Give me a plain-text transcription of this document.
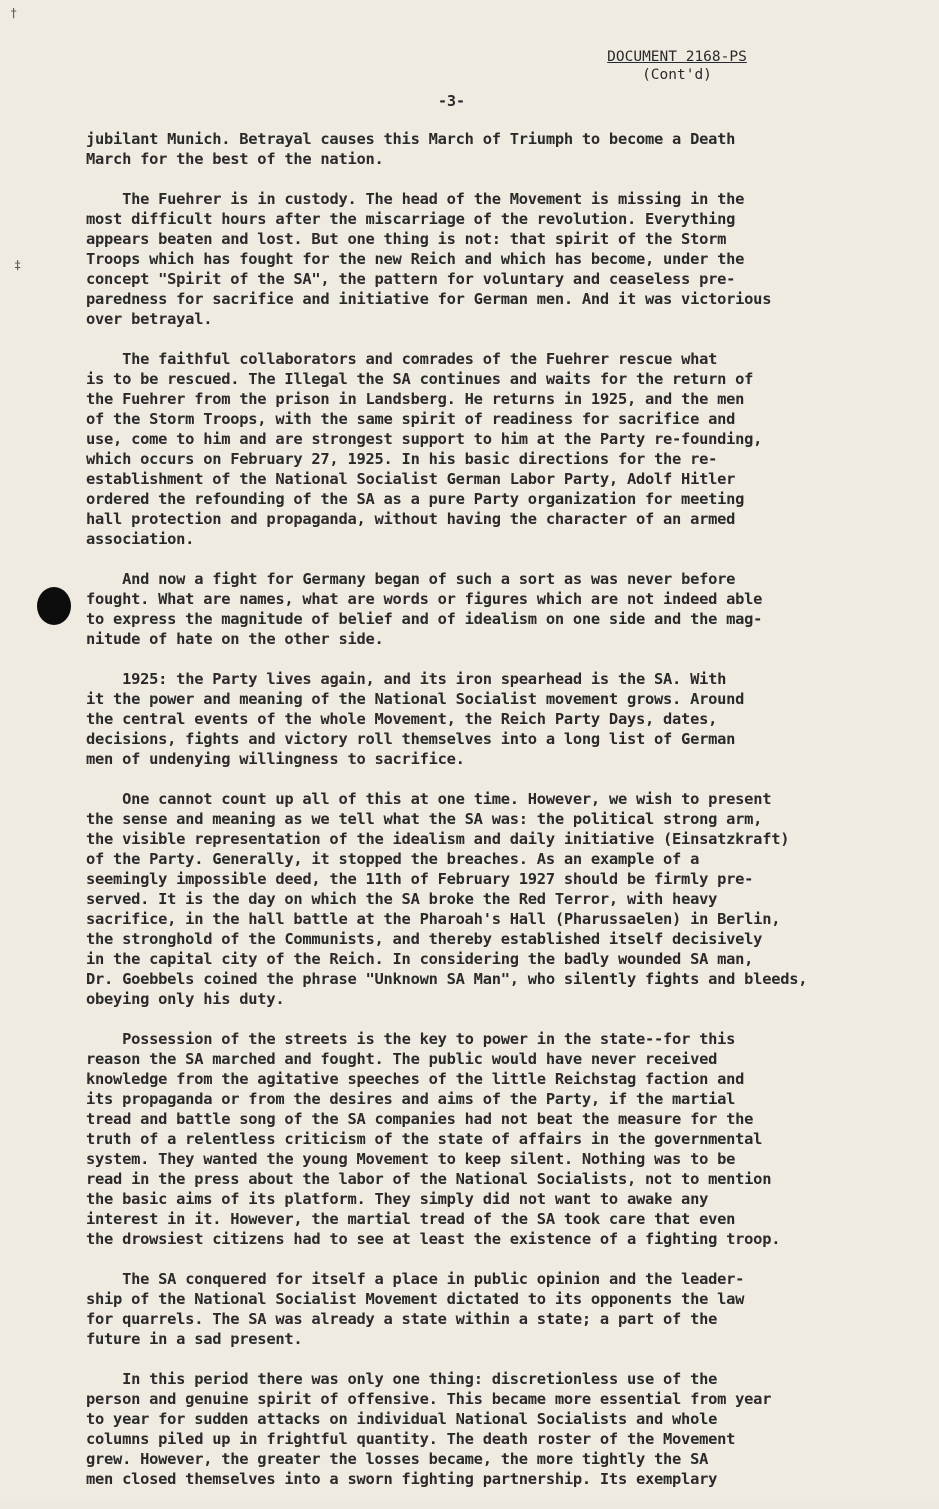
†
‡
DOCUMENT 2168-PS
(Cont'd)
-3-

jubilant Munich. Betrayal causes this March of Triumph to become a Death
March for the best of the nation.

The Fuehrer is in custody. The head of the Movement is missing in the
most difficult hours after the miscarriage of the revolution. Everything
appears beaten and lost. But one thing is not: that spirit of the Storm
Troops which has fought for the new Reich and which has become, under the
concept "Spirit of the SA", the pattern for voluntary and ceaseless pre-
paredness for sacrifice and initiative for German men. And it was victorious
over betrayal.

The faithful collaborators and comrades of the Fuehrer rescue what
is to be rescued. The Illegal the SA continues and waits for the return of
the Fuehrer from the prison in Landsberg. He returns in 1925, and the men
of the Storm Troops, with the same spirit of readiness for sacrifice and
use, come to him and are strongest support to him at the Party re-founding,
which occurs on February 27, 1925. In his basic directions for the re-
establishment of the National Socialist German Labor Party, Adolf Hitler
ordered the refounding of the SA as a pure Party organization for meeting
hall protection and propaganda, without having the character of an armed
association.

And now a fight for Germany began of such a sort as was never before
fought. What are names, what are words or figures which are not indeed able
to express the magnitude of belief and of idealism on one side and the mag-
nitude of hate on the other side.

1925: the Party lives again, and its iron spearhead is the SA. With
it the power and meaning of the National Socialist movement grows. Around
the central events of the whole Movement, the Reich Party Days, dates,
decisions, fights and victory roll themselves into a long list of German
men of undenying willingness to sacrifice.

One cannot count up all of this at one time. However, we wish to present
the sense and meaning as we tell what the SA was: the political strong arm,
the visible representation of the idealism and daily initiative (Einsatzkraft)
of the Party. Generally, it stopped the breaches. As an example of a
seemingly impossible deed, the 11th of February 1927 should be firmly pre-
served. It is the day on which the SA broke the Red Terror, with heavy
sacrifice, in the hall battle at the Pharoah's Hall (Pharussaelen) in Berlin,
the stronghold of the Communists, and thereby established itself decisively
in the capital city of the Reich. In considering the badly wounded SA man,
Dr. Goebbels coined the phrase "Unknown SA Man", who silently fights and bleeds,
obeying only his duty.

Possession of the streets is the key to power in the state--for this
reason the SA marched and fought. The public would have never received
knowledge from the agitative speeches of the little Reichstag faction and
its propaganda or from the desires and aims of the Party, if the martial
tread and battle song of the SA companies had not beat the measure for the
truth of a relentless criticism of the state of affairs in the governmental
system. They wanted the young Movement to keep silent. Nothing was to be
read in the press about the labor of the National Socialists, not to mention
the basic aims of its platform. They simply did not want to awake any
interest in it. However, the martial tread of the SA took care that even
the drowsiest citizens had to see at least the existence of a fighting troop.

The SA conquered for itself a place in public opinion and the leader-
ship of the National Socialist Movement dictated to its opponents the law
for quarrels. The SA was already a state within a state; a part of the
future in a sad present.

In this period there was only one thing: discretionless use of the
person and genuine spirit of offensive. This became more essential from year
to year for sudden attacks on individual National Socialists and whole
columns piled up in frightful quantity. The death roster of the Movement
grew. However, the greater the losses became, the more tightly the SA
men closed themselves into a sworn fighting partnership. Its exemplary
